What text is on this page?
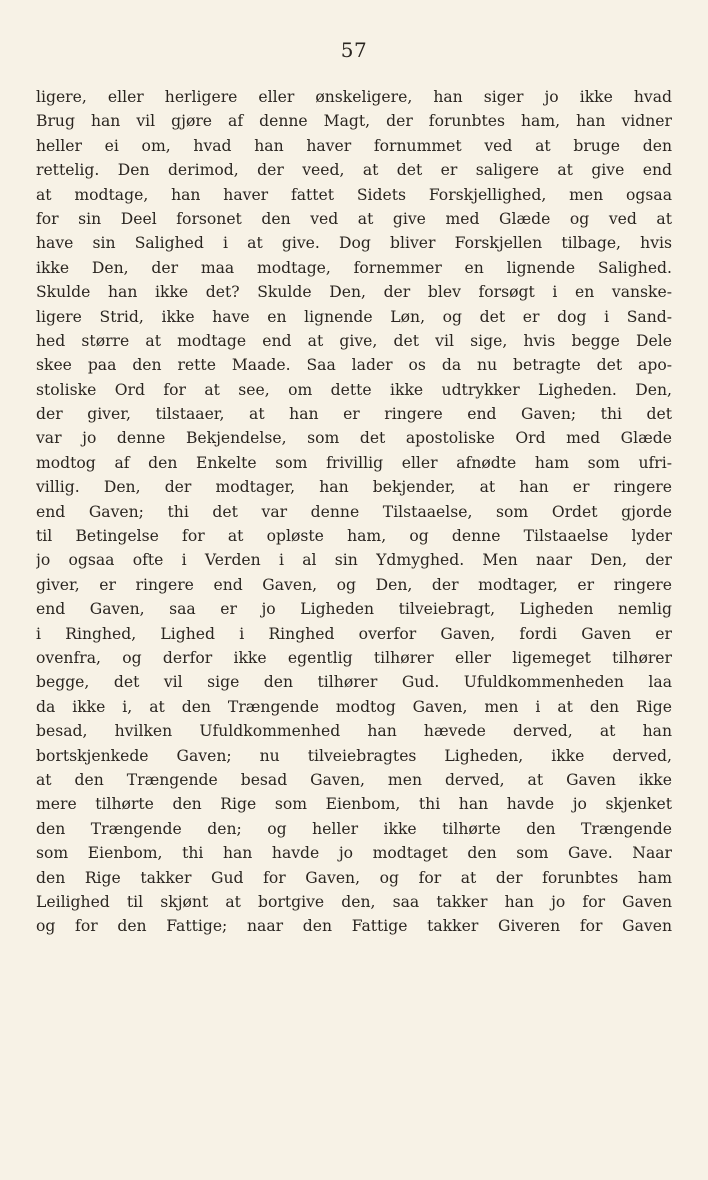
57
ligere, eller herligere eller ønskeligere, han siger jo ikke hvad
Brug han vil gjøre af denne Magt, der forunbtes ham, han vidner
heller ei om, hvad han haver fornummet ved at bruge den
rettelig. Den derimod, der veed, at det er saligere at give end
at modtage, han haver fattet Sidets Forskjellighed, men ogsaa
for sin Deel forsonet den ved at give med Glæde og ved at
have sin Salighed i at give. Dog bliver Forskjellen tilbage, hvis
ikke Den, der maa modtage, fornemmer en lignende Salighed.
Skulde han ikke det? Skulde Den, der blev forsøgt i en vanske-
ligere Strid, ikke have en lignende Løn, og det er dog i Sand-
hed større at modtage end at give, det vil sige, hvis begge Dele
skee paa den rette Maade. Saa lader os da nu betragte det apo-
stoliske Ord for at see, om dette ikke udtrykker Ligheden. Den,
der giver, tilstaaer, at han er ringere end Gaven; thi det
var jo denne Bekjendelse, som det apostoliske Ord med Glæde
modtog af den Enkelte som frivillig eller afnødte ham som ufri-
villig. Den, der modtager, han bekjender, at han er ringere
end Gaven; thi det var denne Tilstaaelse, som Ordet gjorde
til Betingelse for at opløste ham, og denne Tilstaaelse lyder
jo ogsaa ofte i Verden i al sin Ydmyghed. Men naar Den, der
giver, er ringere end Gaven, og Den, der modtager, er ringere
end Gaven, saa er jo Ligheden tilveiebragt, Ligheden nemlig
i Ringhed, Lighed i Ringhed overfor Gaven, fordi Gaven er
ovenfra, og derfor ikke egentlig tilhører eller ligemeget tilhører
begge, det vil sige den tilhører Gud. Ufuldkommenheden laa
da ikke i, at den Trængende modtog Gaven, men i at den Rige
besad, hvilken Ufuldkommenhed han hævede derved, at han
bortskjenkede Gaven; nu tilveiebragtes Ligheden, ikke derved,
at den Trængende besad Gaven, men derved, at Gaven ikke
mere tilhørte den Rige som Eienbom, thi han havde jo skjenket
den Trængende den; og heller ikke tilhørte den Trængende
som Eienbom, thi han havde jo modtaget den som Gave. Naar
den Rige takker Gud for Gaven, og for at der forunbtes ham
Leilighed til skjønt at bortgive den, saa takker han jo for Gaven
og for den Fattige; naar den Fattige takker Giveren for Gaven
